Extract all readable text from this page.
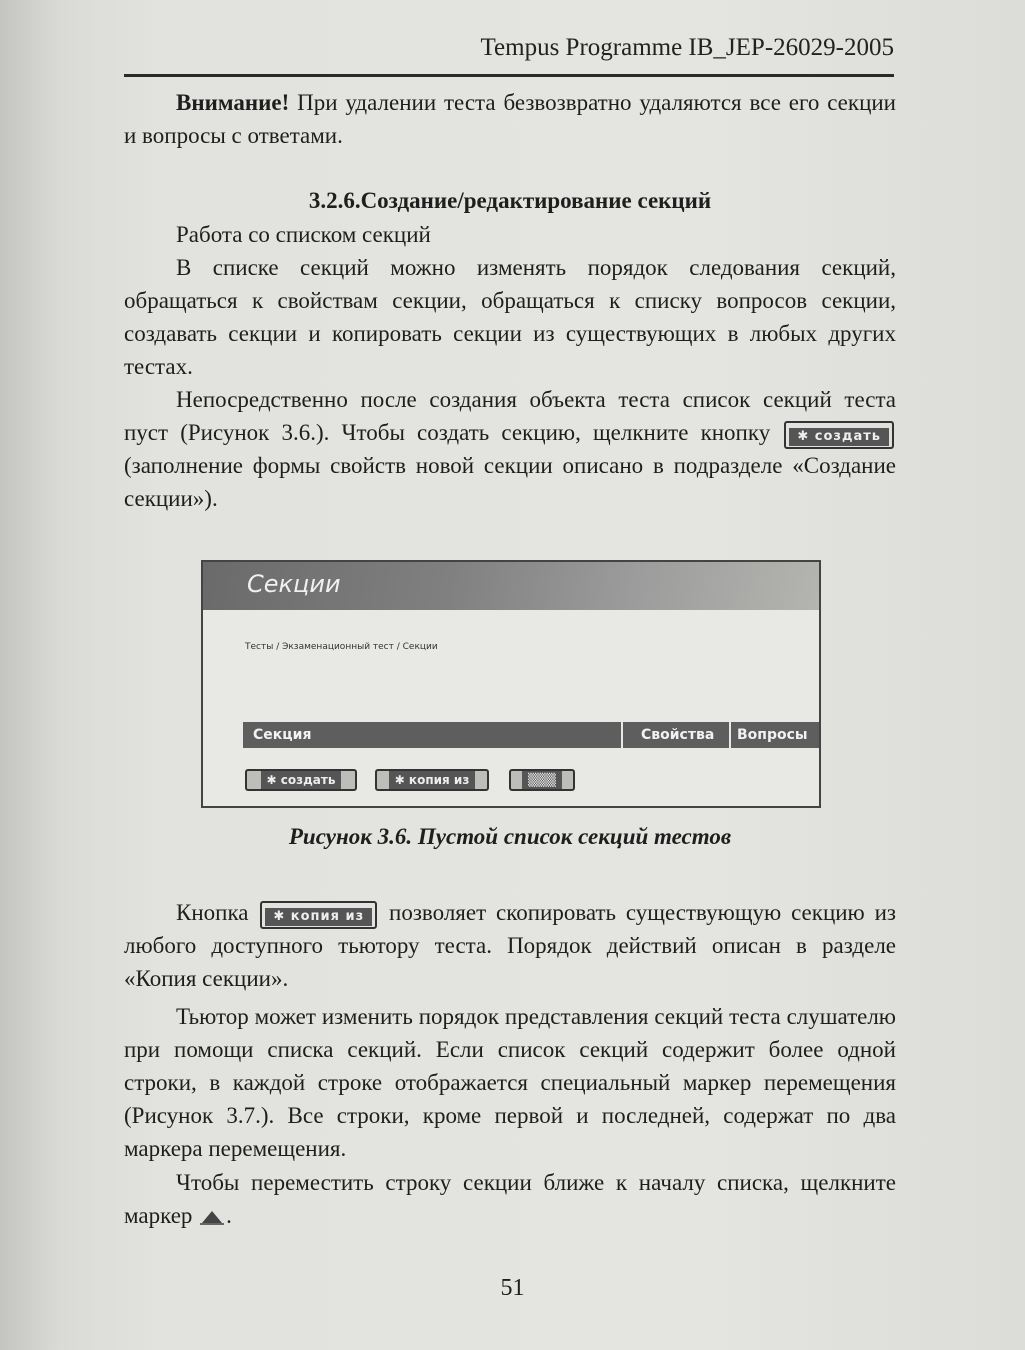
Tempus Programme IB_JEP-26029-2005

Внимание! При удалении теста безвозвратно удаляются все его секции и вопросы с ответами.

3.2.6.Создание/редактирование секций
Работа со списком секций

В списке секций можно изменять порядок следования секций, обращаться к свойствам секции, обращаться к списку вопросов секции, создавать секции и копировать секции из существующих в любых других тестах.

Непосредственно после создания объекта теста список секций теста пуст (Рисунок 3.6.). Чтобы создать секцию, щелкните кнопку ✱ создать (заполнение формы свойств новой секции описано в подразделе «Создание секции»).

Секции
Тесты / Экзаменационный тест / Секции
Секция	Свойства	Вопросы
✱ создать	✱ копия из	▒▒▒
Рисунок 3.6. Пустой список секций тестов

Кнопка ✱ копия из позволяет скопировать существующую секцию из любого доступного тьютору теста. Порядок действий описан в разделе «Копия секции».

Тьютор может изменить порядок представления секций теста слушателю при помощи списка секций. Если список секций содержит более одной строки, в каждой строке отображается специальный маркер перемещения (Рисунок 3.7.). Все строки, кроме первой и последней, содержат по два маркера перемещения.

Чтобы переместить строку секции ближе к началу списка, щелкните маркер .

51
